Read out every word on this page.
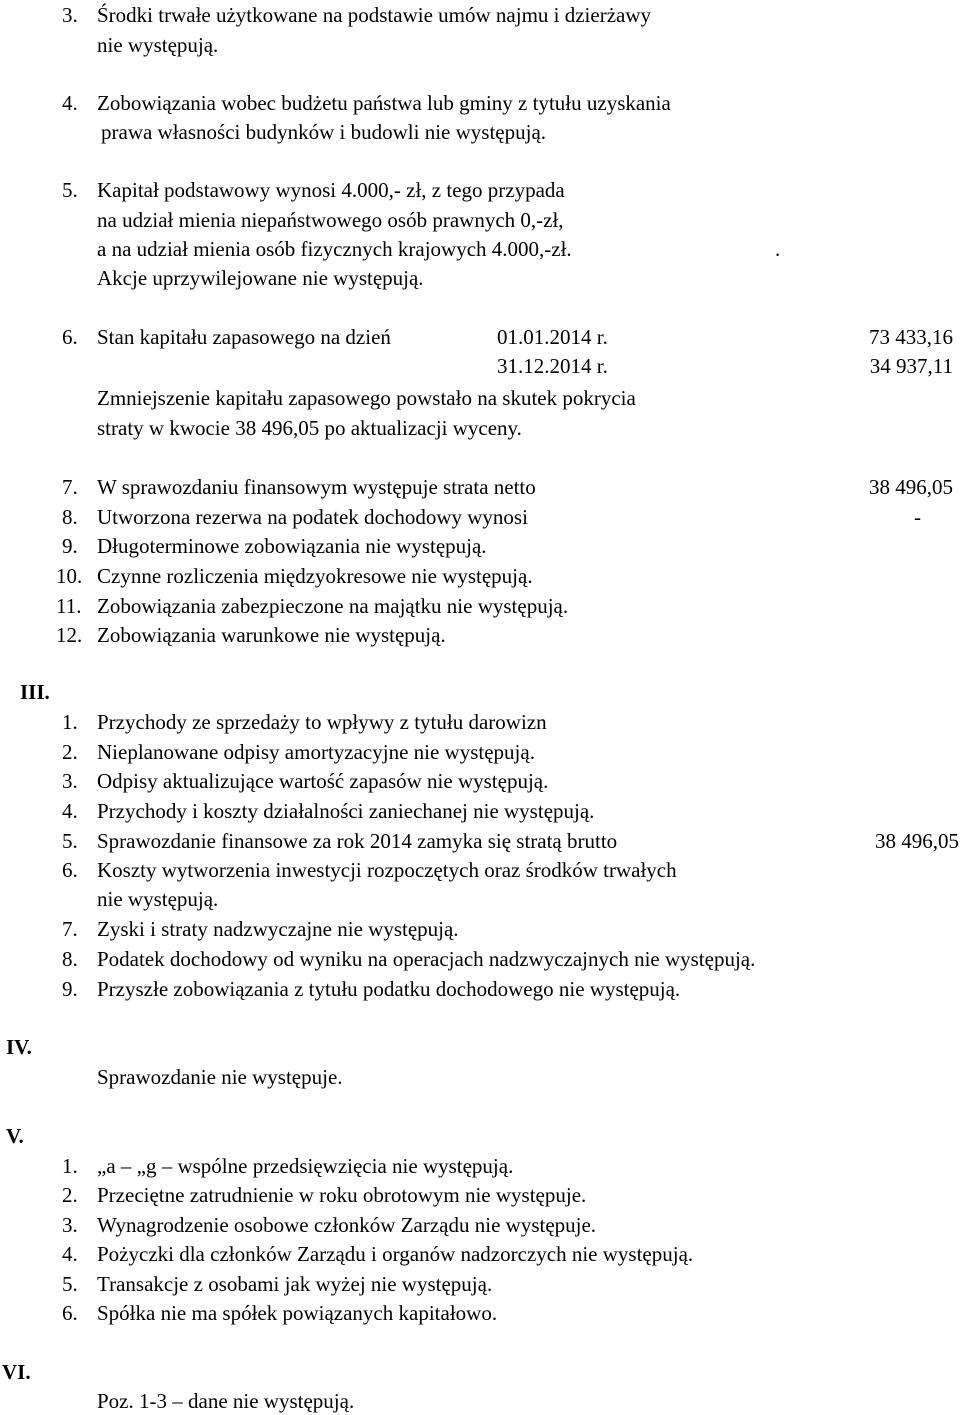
3. Środki trwałe użytkowane na podstawie umów najmu i dzierżawy
nie występują.
4. Zobowiązania wobec budżetu państwa lub gminy z tytułu uzyskania
prawa własności budynków i budowli nie występują.
5. Kapitał podstawowy wynosi 4.000,- zł, z tego przypada
na udział mienia niepaństwowego osób prawnych 0,-zł,
a na udział mienia osób fizycznych krajowych 4.000,-zł.	.
Akcje uprzywilejowane nie występują.
6. Stan kapitału zapasowego na dzień	01.01.2014 r.	73 433,16
31.12.2014 r.	34 937,11
Zmniejszenie kapitału zapasowego powstało na skutek pokrycia
straty w kwocie 38 496,05 po aktualizacji wyceny.
7. W sprawozdaniu finansowym występuje strata netto	38 496,05
8. Utworzona rezerwa na podatek dochodowy wynosi	-
9. Długoterminowe zobowiązania nie występują.
10. Czynne rozliczenia międzyokresowe nie występują.
11. Zobowiązania zabezpieczone na majątku nie występują.
12. Zobowiązania warunkowe nie występują.
III.
1. Przychody ze sprzedaży to wpływy z tytułu darowizn
2. Nieplanowane odpisy amortyzacyjne nie występują.
3. Odpisy aktualizujące wartość zapasów nie występują.
4. Przychody i koszty działalności zaniechanej nie występują.
5. Sprawozdanie finansowe za rok 2014 zamyka się stratą brutto	38 496,05
6. Koszty wytworzenia inwestycji rozpoczętych oraz środków trwałych
nie występują.
7. Zyski i straty nadzwyczajne nie występują.
8. Podatek dochodowy od wyniku na operacjach nadzwyczajnych nie występują.
9. Przyszłe zobowiązania z tytułu podatku dochodowego nie występują.
IV.
Sprawozdanie nie występuje.
V.
1. „a – „g – wspólne przedsięwzięcia nie występują.
2. Przeciętne zatrudnienie w roku obrotowym nie występuje.
3. Wynagrodzenie osobowe członków Zarządu nie występuje.
4. Pożyczki dla członków Zarządu i organów nadzorczych nie występują.
5. Transakcje z osobami jak wyżej nie występują.
6. Spółka nie ma spółek powiązanych kapitałowo.
VI.
Poz. 1-3 – dane nie występują.
